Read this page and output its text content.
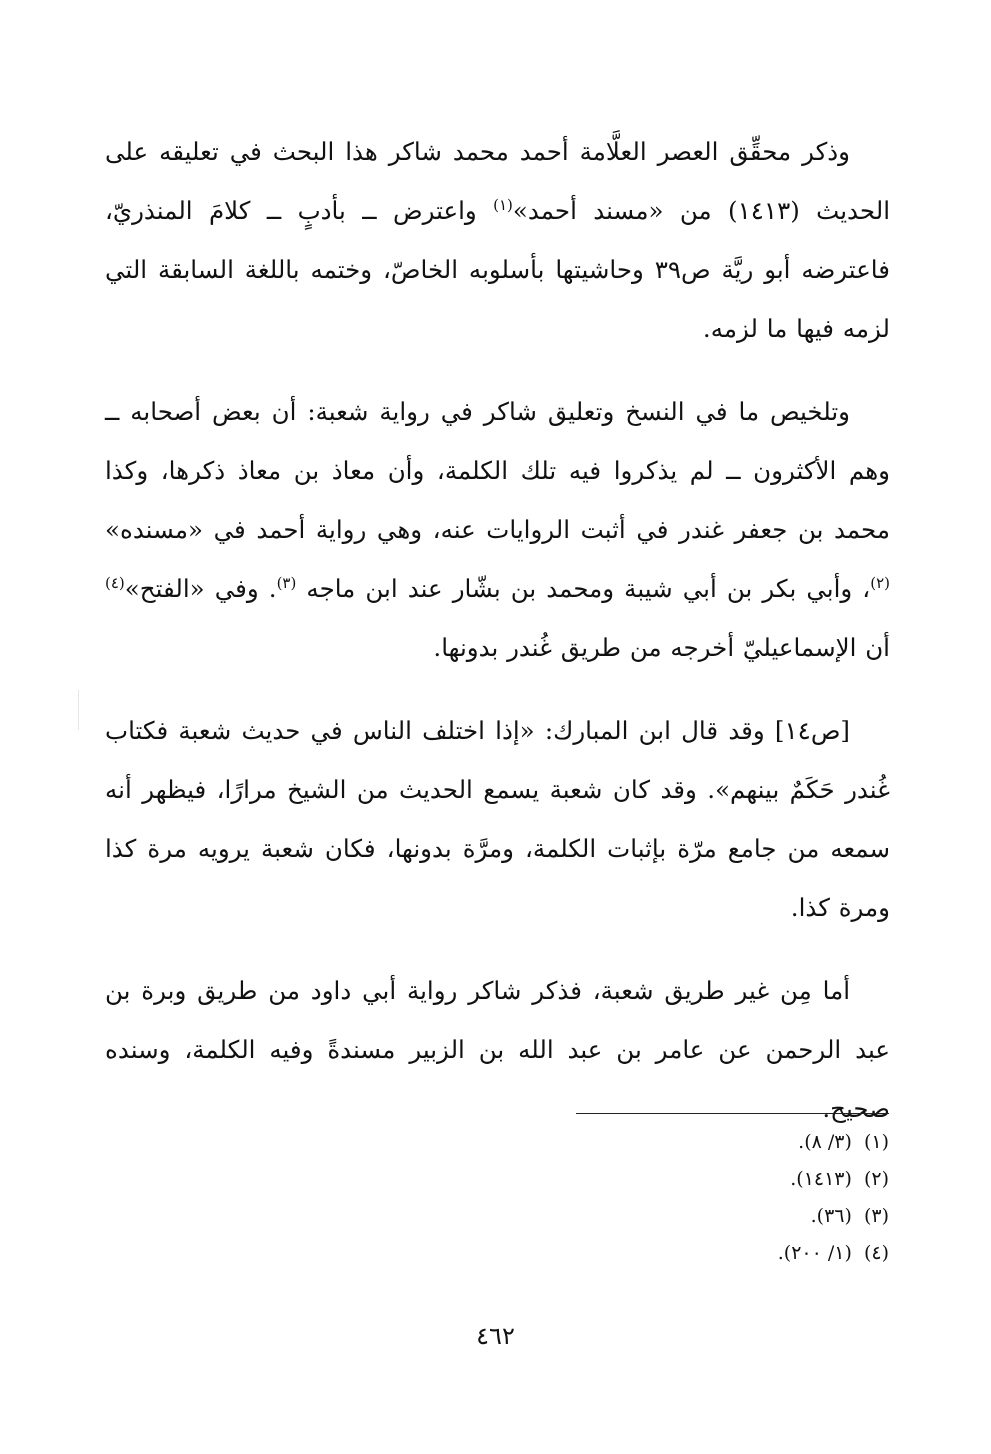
وذكر محقِّق العصر العلَّامة أحمد محمد شاكر هذا البحث في تعليقه على الحديث (١٤١٣) من «مسند أحمد»$^{(١)}$ واعترض ــ بأدبٍ ــ كلامَ المنذريّ، فاعترضه أبو ريَّة ص٣٩ وحاشيتها بأسلوبه الخاصّ، وختمه باللغة السابقة التي لزمه فيها ما لزمه.

وتلخيص ما في النسخ وتعليق شاكر في رواية شعبة: أن بعض أصحابه ــ وهم الأكثرون ــ لم يذكروا فيه تلك الكلمة، وأن معاذ بن معاذ ذكرها، وكذا محمد بن جعفر غندر في أثبت الروايات عنه، وهي رواية أحمد في «مسنده» $^{(٢)}$، وأبي بكر بن أبي شيبة ومحمد بن بشّار عند ابن ماجه $^{(٣)}$. وفي «الفتح»$^{(٤)}$ أن الإسماعيليّ أخرجه من طريق غُندر بدونها.

[ص١٤] وقد قال ابن المبارك: «إذا اختلف الناس في حديث شعبة فكتاب غُندر حَكَمٌ بينهم». وقد كان شعبة يسمع الحديث من الشيخ مرارًا، فيظهر أنه سمعه من جامع مرّة بإثبات الكلمة، ومرَّة بدونها، فكان شعبة يرويه مرة كذا ومرة كذا.

أما مِن غير طريق شعبة، فذكر شاكر رواية أبي داود من طريق وبرة بن عبد الرحمن عن عامر بن عبد الله بن الزبير مسندةً وفيه الكلمة، وسنده صحيح.

(١)(٣/ ٨).
(٢)(١٤١٣).
(٣)(٣٦).
(٤)(١/ ٢٠٠).
٤٦٢
